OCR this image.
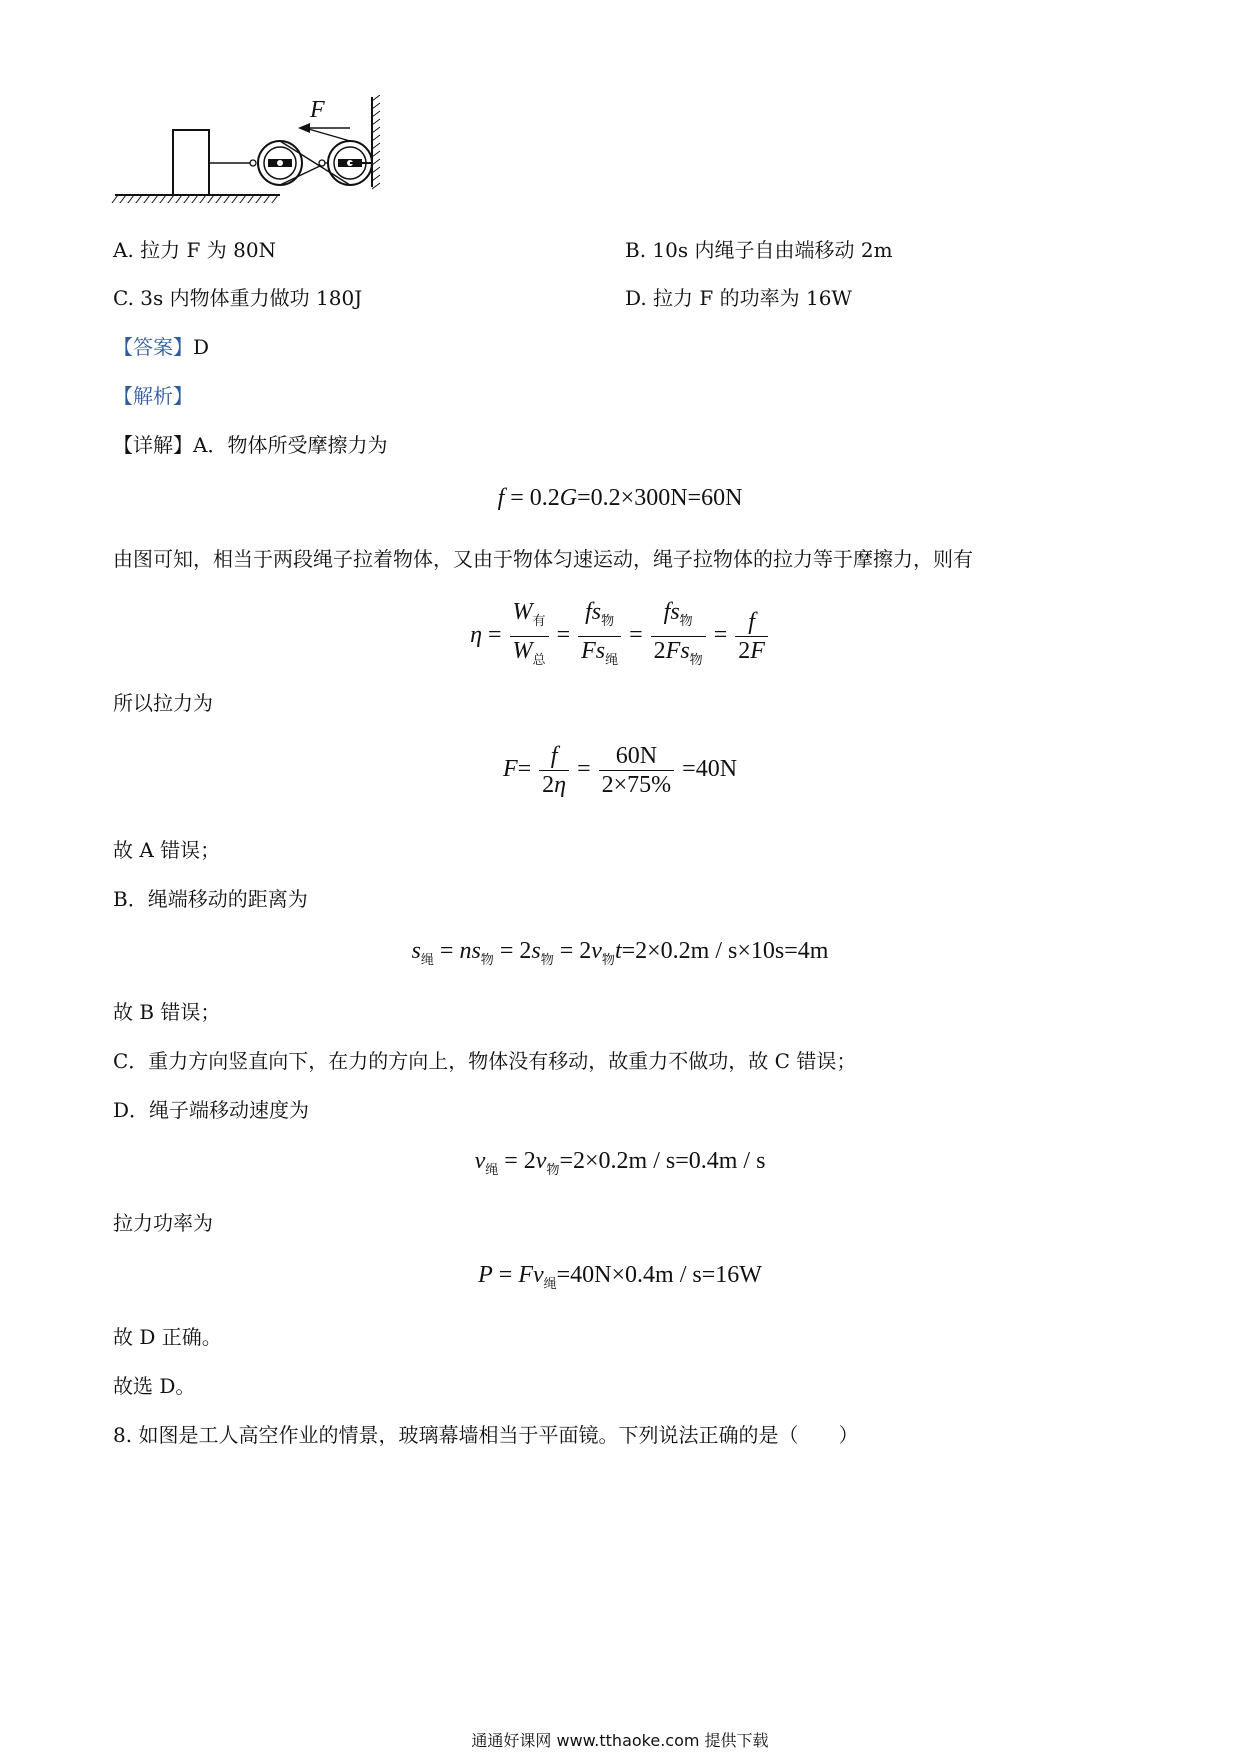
F
A. 拉力 F 为 80N	B. 10s 内绳子自由端移动 2m
C. 3s 内物体重力做功 180J	D. 拉力 F 的功率为 16W
【答案】D
【解析】
【详解】A．物体所受摩擦力为
f = 0.2G=0.2×300N=60N
由图可知，相当于两段绳子拉着物体，又由于物体匀速运动，绳子拉物体的拉力等于摩擦力，则有
$\eta = \frac{W_有}{W_总} = \frac{fs_物}{Fs_绳} = \frac{fs_物}{2Fs_物} = \frac{f}{2F}$
所以拉力为
$F= \frac{f}{2\eta} = \frac{60N}{2\times 75\%} =40N$
故 A 错误；
B．绳端移动的距离为
$s_绳 = ns_物 = 2s_物 = 2v_物t=2\times 0.2m / s\times 10s=4m$
故 B 错误；
C．重力方向竖直向下，在力的方向上，物体没有移动，故重力不做功，故 C 错误；
D．绳子端移动速度为
$v_绳 = 2v_物=2\times 0.2m / s=0.4m / s$
拉力功率为
$P = Fv_绳=40N\times 0.4m / s=16W$
故 D 正确。
故选 D。
8. 如图是工人高空作业的情景，玻璃幕墙相当于平面镜。下列说法正确的是（　　）
通通好课网 www.tthaoke.com 提供下载
